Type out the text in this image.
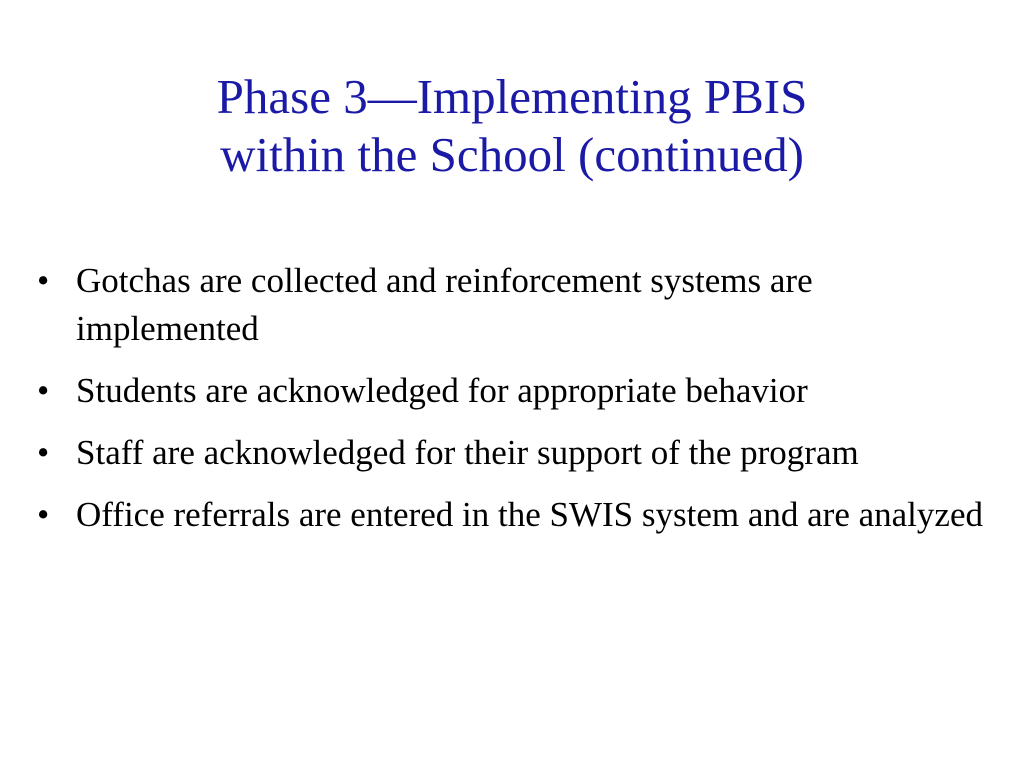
Phase 3—Implementing PBIS
within the School (continued)
• Gotchas are collected and reinforcement systems are implemented
• Students are acknowledged for appropriate behavior
• Staff are acknowledged for their support of the program
• Office referrals are entered in the SWIS system and are analyzed
